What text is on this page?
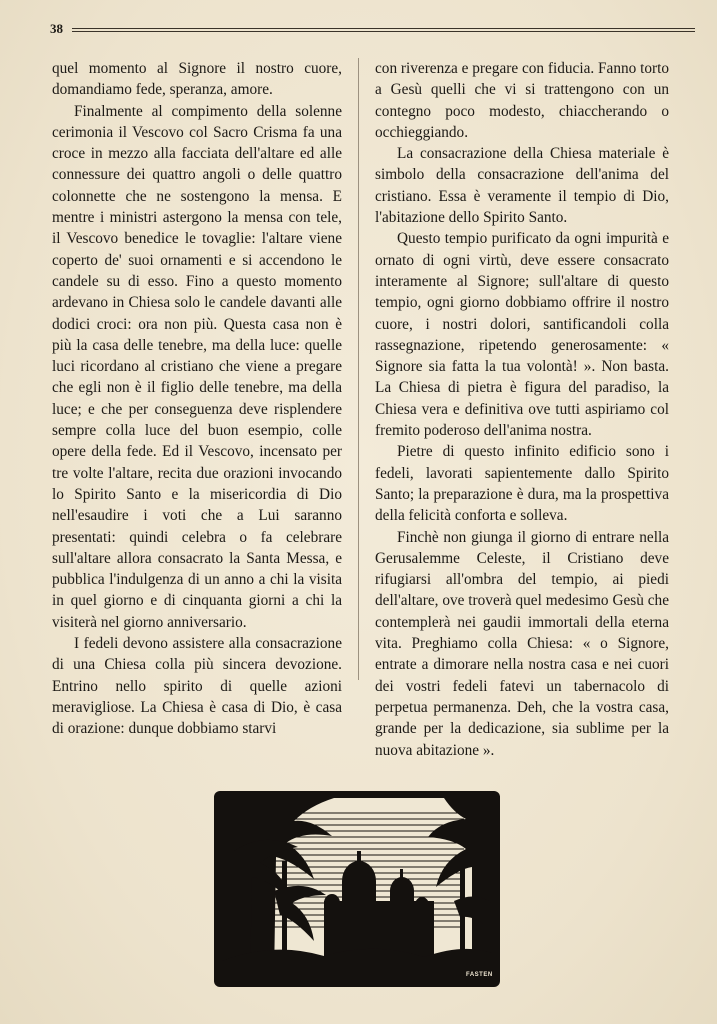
38

quel momento al Signore il nostro cuore, domandiamo fede, speranza, amore.

Finalmente al compimento della solenne cerimonia il Vescovo col Sacro Crisma fa una croce in mezzo alla facciata dell'altare ed alle connessure dei quattro angoli o delle quattro colonnette che ne sostengono la mensa. E mentre i ministri astergono la mensa con tele, il Vescovo benedice le tovaglie: l'altare viene coperto de' suoi ornamenti e si accendono le candele su di esso. Fino a questo momento ardevano in Chiesa solo le candele davanti alle dodici croci: ora non più. Questa casa non è più la casa delle tenebre, ma della luce: quelle luci ricordano al cristiano che viene a pregare che egli non è il figlio delle tenebre, ma della luce; e che per conseguenza deve risplendere sempre colla luce del buon esempio, colle opere della fede. Ed il Vescovo, incensato per tre volte l'altare, recita due orazioni invocando lo Spirito Santo e la misericordia di Dio nell'esaudire i voti che a Lui saranno presentati: quindi celebra o fa celebrare sull'altare allora consacrato la Santa Messa, e pubblica l'indulgenza di un anno a chi la visita in quel giorno e di cinquanta giorni a chi la visiterà nel giorno anniversario.

I fedeli devono assistere alla consacrazione di una Chiesa colla più sincera devozione. Entrino nello spirito di quelle azioni meravigliose. La Chiesa è casa di Dio, è casa di orazione: dunque dobbiamo starvi

con riverenza e pregare con fiducia. Fanno torto a Gesù quelli che vi si trattengono con un contegno poco modesto, chiaccherando o occhieggiando.

La consacrazione della Chiesa materiale è simbolo della consacrazione dell'anima del cristiano. Essa è veramente il tempio di Dio, l'abitazione dello Spirito Santo.

Questo tempio purificato da ogni impurità e ornato di ogni virtù, deve essere consacrato interamente al Signore; sull'altare di questo tempio, ogni giorno dobbiamo offrire il nostro cuore, i nostri dolori, santificandoli colla rassegnazione, ripetendo generosamente: « Signore sia fatta la tua volontà! ». Non basta. La Chiesa di pietra è figura del paradiso, la Chiesa vera e definitiva ove tutti aspiriamo col fremito poderoso dell'anima nostra.

Pietre di questo infinito edificio sono i fedeli, lavorati sapientemente dallo Spirito Santo; la preparazione è dura, ma la prospettiva della felicità conforta e solleva.

Finchè non giunga il giorno di entrare nella Gerusalemme Celeste, il Cristiano deve rifugiarsi all'ombra del tempio, ai piedi dell'altare, ove troverà quel medesimo Gesù che contemplerà nei gaudii immortali della eterna vita. Preghiamo colla Chiesa: « o Signore, entrate a dimorare nella nostra casa e nei cuori dei vostri fedeli fatevi un tabernacolo di perpetua permanenza. Deh, che la vostra casa, grande per la dedicazione, sia sublime per la nuova abitazione ».

FASTEN
